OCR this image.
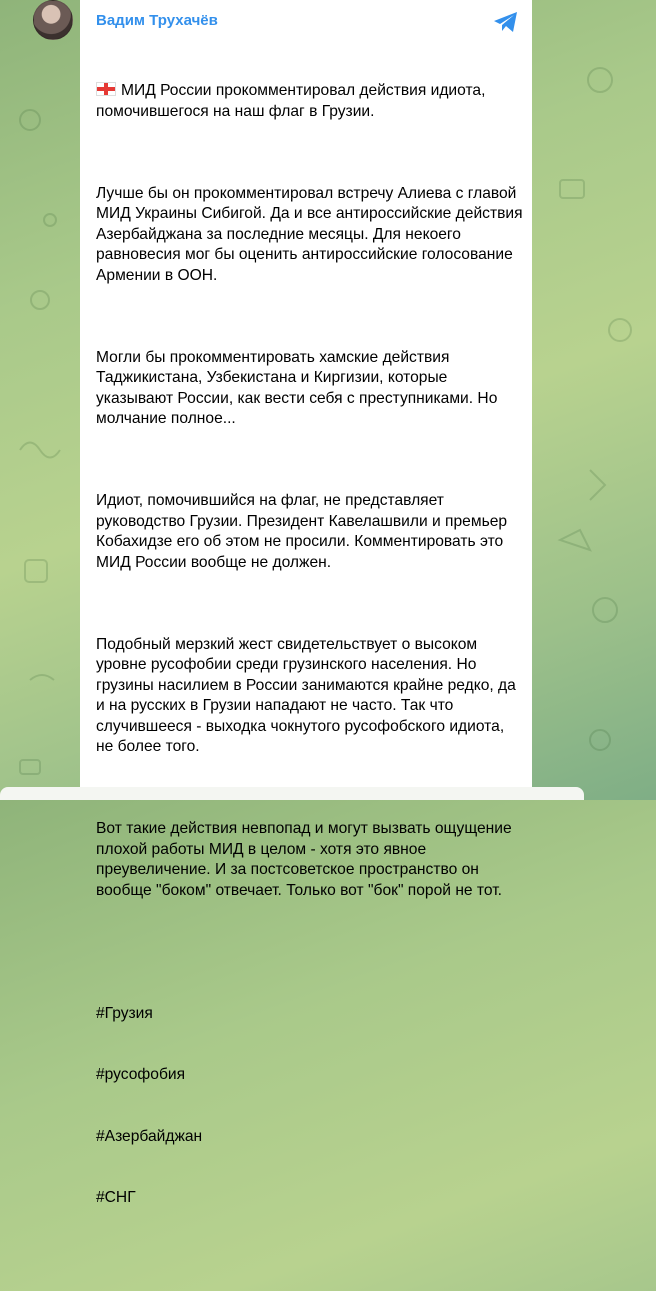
Вадим Трухачёв

МИД России прокомментировал действия идиота, помочившегося на наш флаг в Грузии.

Лучше бы он прокомментировал встречу Алиева с главой МИД Украины Сибигой. Да и все антироссийские действия Азербайджана за последние месяцы. Для некоего равновесия мог бы оценить антироссийские голосование Армении в ООН.

Могли бы прокомментировать хамские действия Таджикистана, Узбекистана и Киргизии, которые указывают России, как вести себя с преступниками. Но молчание полное...

Идиот, помочившийся на флаг, не представляет руководство Грузии. Президент Кавелашвили и премьер Кобахидзе его об этом не просили. Комментировать это МИД России вообще не должен.

Подобный мерзкий жест свидетельствует о высоком уровне русофобии среди грузинского населения. Но грузины насилием в России занимаются крайне редко, да и на русских в Грузии нападают не часто. Так что случившееся - выходка чокнутого русофобского идиота, не более того.

Вот такие действия невпопад и могут вызвать ощущение плохой работы МИД в целом - хотя это явное преувеличение. И за постсоветское пространство он вообще "боком" отвечает. Только вот "бок" порой не тот.

#Грузия

#русофобия

#Азербайджан

#СНГ
